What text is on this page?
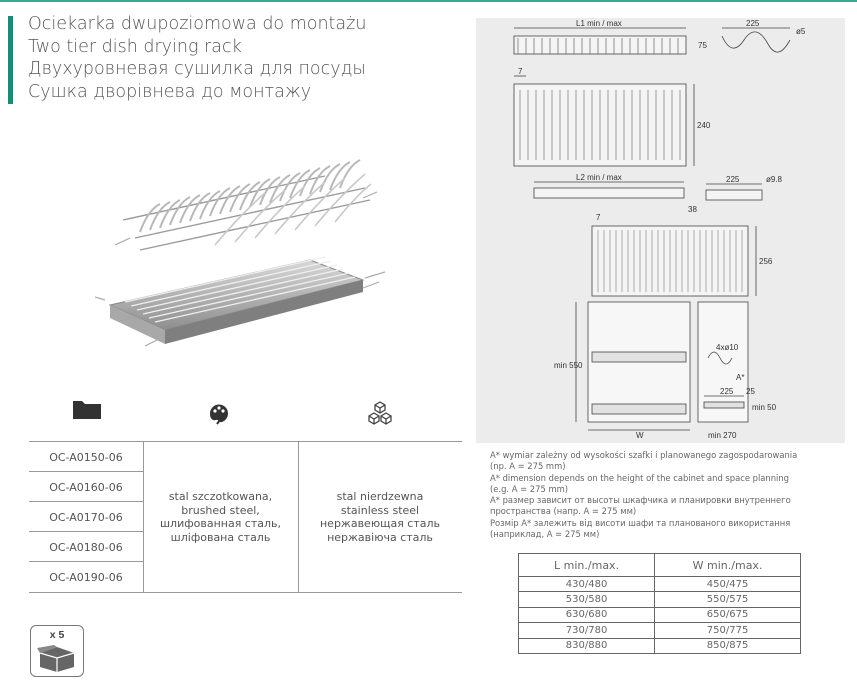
Ociekarka dwupoziomowa do montażu
Two tier dish drying rack
Двухуровневая сушилка для посуды
Сушка дворівнева до монтажу
OC-A0150-06
OC-A0160-06
OC-A0170-06
OC-A0180-06
OC-A0190-06
stal szczotkowana,
brushed steel,
шлифованная сталь,
шліфована сталь
stal nierdzewna
stainless steel
нержавеющая сталь
нержавіюча сталь
x 5
L1 min / max	225
ø5
75
7
240
L2 min / max	225	ø9.8
38
7
256
min 550
4xø10
A*
225 25
min 50
W	min 270
A* wymiar zależny od wysokości szafki i planowanego zagospodarowania
(np. A = 275 mm)
A* dimension depends on the height of the cabinet and space planning
(e.g. A = 275 mm)
A* размер зависит от высоты шкафчика и планировки внутреннего
пространства (напр. A = 275 мм)
Розмір A* залежить від висоти шафи та планованого використання
(наприклад, A = 275 мм)
L min./max.	W min./max.
430/480	450/475
530/580	550/575
630/680	650/675
730/780	750/775
830/880	850/875
